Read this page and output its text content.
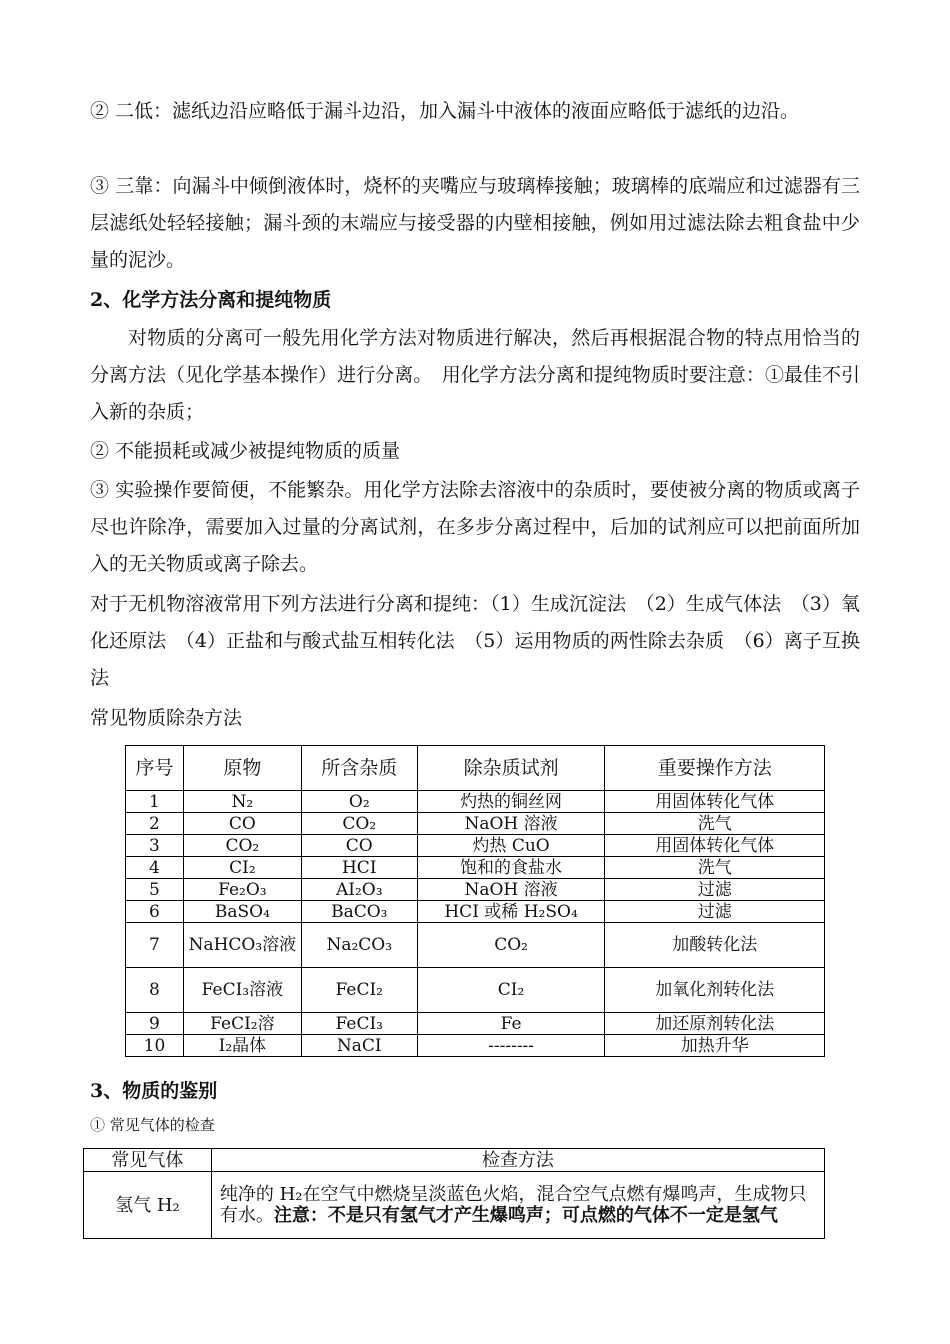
② 二低：滤纸边沿应略低于漏斗边沿，加入漏斗中液体的液面应略低于滤纸的边沿。

③ 三靠：向漏斗中倾倒液体时，烧杯的夹嘴应与玻璃棒接触；玻璃棒的底端应和过滤器有三层滤纸处轻轻接触；漏斗颈的末端应与接受器的内壁相接触，例如用过滤法除去粗食盐中少量的泥沙。

2、化学方法分离和提纯物质

对物质的分离可一般先用化学方法对物质进行解决，然后再根据混合物的特点用恰当的分离方法（见化学基本操作）进行分离。　用化学方法分离和提纯物质时要注意：①最佳不引入新的杂质；

② 不能损耗或减少被提纯物质的质量

③ 实验操作要简便，不能繁杂。用化学方法除去溶液中的杂质时，要使被分离的物质或离子尽也许除净，需要加入过量的分离试剂，在多步分离过程中，后加的试剂应可以把前面所加入的无关物质或离子除去。

对于无机物溶液常用下列方法进行分离和提纯：（1）生成沉淀法　（2）生成气体法　（3）氧化还原法　（4）正盐和与酸式盐互相转化法　（5）运用物质的两性除去杂质　（6）离子互换法

常见物质除杂方法

序号	原物	所含杂质	除杂质试剂	重要操作方法
1	N₂	O₂	灼热的铜丝网	用固体转化气体
2	CO	CO₂	NaOH 溶液	洗气
3	CO₂	CO	灼热 CuO	用固体转化气体
4	CI₂	HCI	饱和的食盐水	洗气
5	Fe₂O₃	AI₂O₃	NaOH 溶液	过滤
6	BaSO₄	BaCO₃	HCI 或稀 H₂SO₄	过滤
7	NaHCO₃溶液	Na₂CO₃	CO₂	加酸转化法
8	FeCI₃溶液	FeCI₂	CI₂	加氧化剂转化法
9	FeCI₂溶	FeCI₃	Fe	加还原剂转化法
10	I₂晶体	NaCI	--------	加热升华

3、物质的鉴别

① 常见气体的检查

常见气体	检查方法
氢气 H₂	纯净的 H₂在空气中燃烧呈淡蓝色火焰，混合空气点燃有爆鸣声，生成物只有水。注意：不是只有氢气才产生爆鸣声；可点燃的气体不一定是氢气
